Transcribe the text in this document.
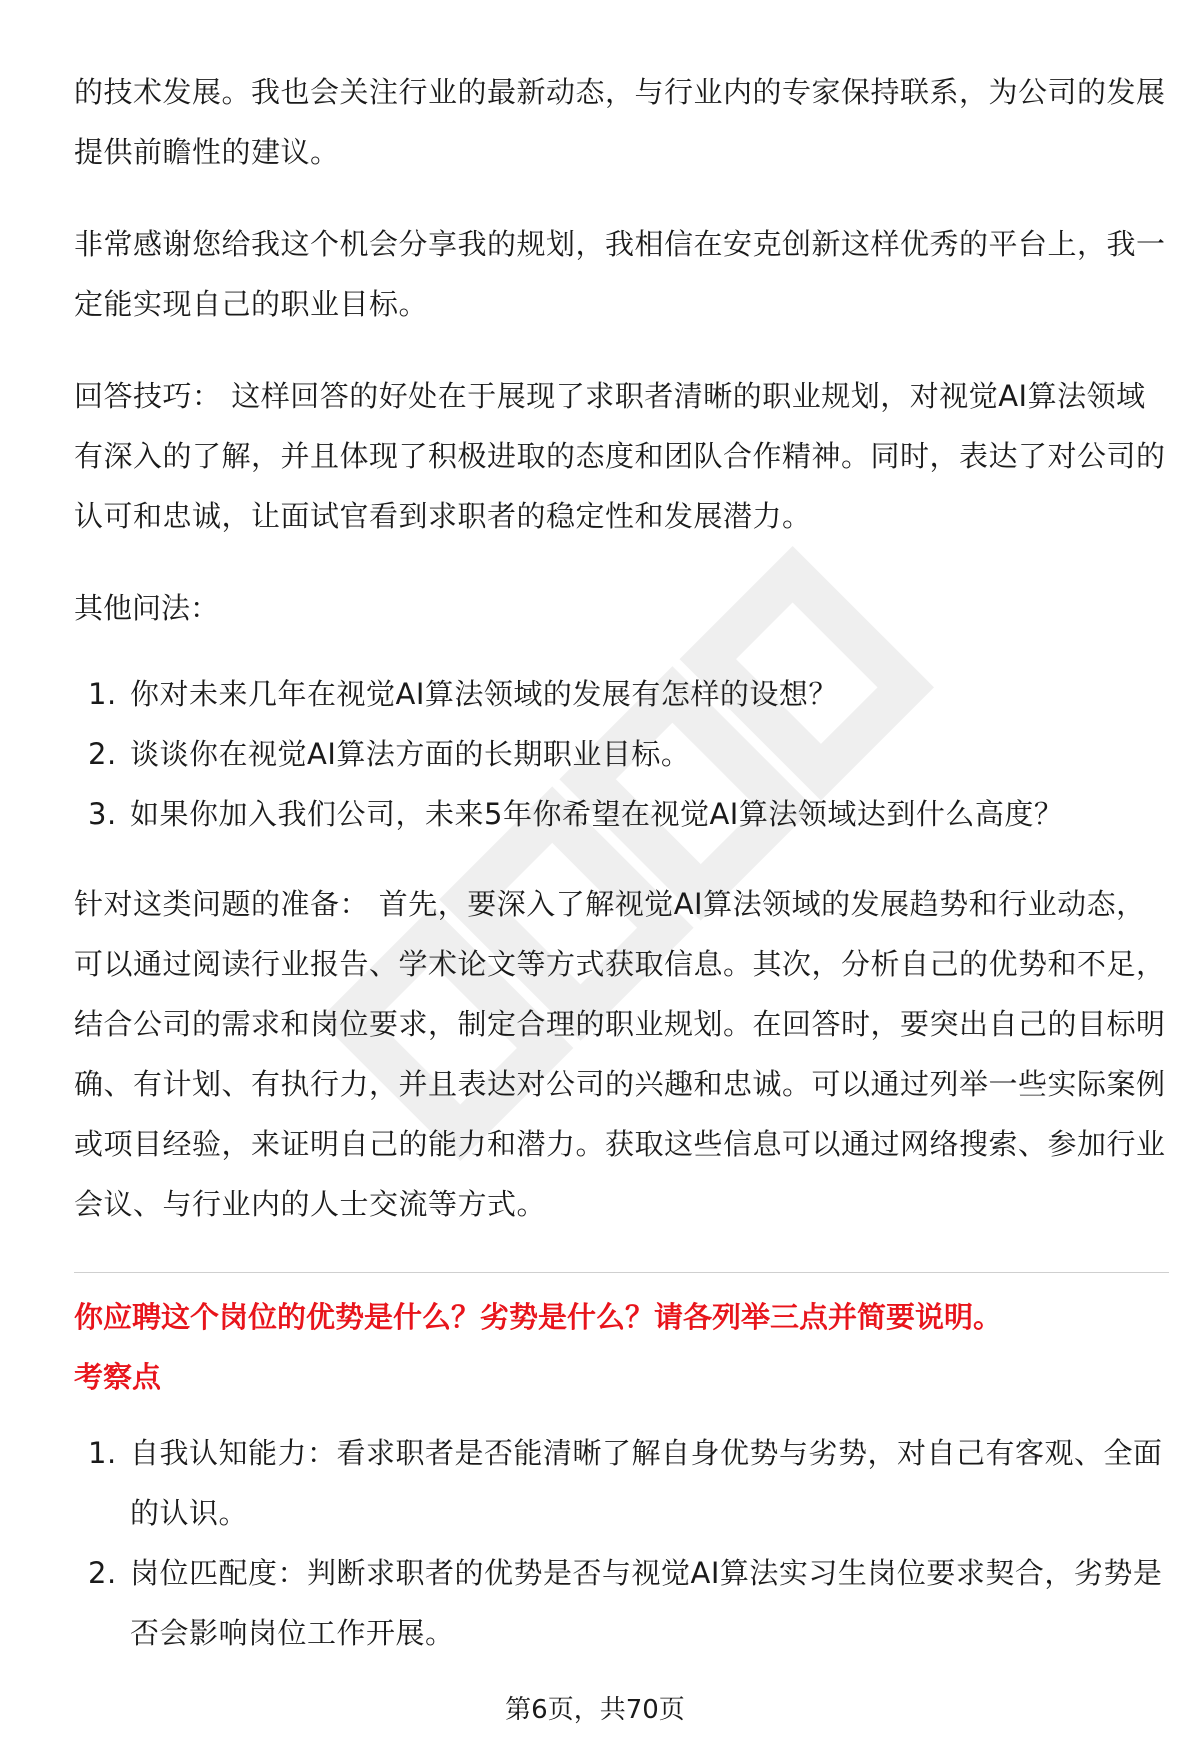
的技术发展。我也会关注行业的最新动态，与行业内的专家保持联系，为公司的发展提供前瞻性的建议。

非常感谢您给我这个机会分享我的规划，我相信在安克创新这样优秀的平台上，我一定能实现自己的职业目标。

回答技巧： 这样回答的好处在于展现了求职者清晰的职业规划，对视觉AI算法领域有深入的了解，并且体现了积极进取的态度和团队合作精神。同时，表达了对公司的认可和忠诚，让面试官看到求职者的稳定性和发展潜力。

其他问法：

1. 你对未来几年在视觉AI算法领域的发展有怎样的设想？
2. 谈谈你在视觉AI算法方面的长期职业目标。
3. 如果你加入我们公司，未来5年你希望在视觉AI算法领域达到什么高度？

针对这类问题的准备： 首先，要深入了解视觉AI算法领域的发展趋势和行业动态，可以通过阅读行业报告、学术论文等方式获取信息。其次，分析自己的优势和不足，结合公司的需求和岗位要求，制定合理的职业规划。在回答时，要突出自己的目标明确、有计划、有执行力，并且表达对公司的兴趣和忠诚。可以通过列举一些实际案例或项目经验，来证明自己的能力和潜力。获取这些信息可以通过网络搜索、参加行业会议、与行业内的人士交流等方式。

你应聘这个岗位的优势是什么？劣势是什么？请各列举三点并简要说明。

考察点

1. 自我认知能力：看求职者是否能清晰了解自身优势与劣势，对自己有客观、全面的认识。
2. 岗位匹配度：判断求职者的优势是否与视觉AI算法实习生岗位要求契合，劣势是否会影响岗位工作开展。
第6页，共70页
